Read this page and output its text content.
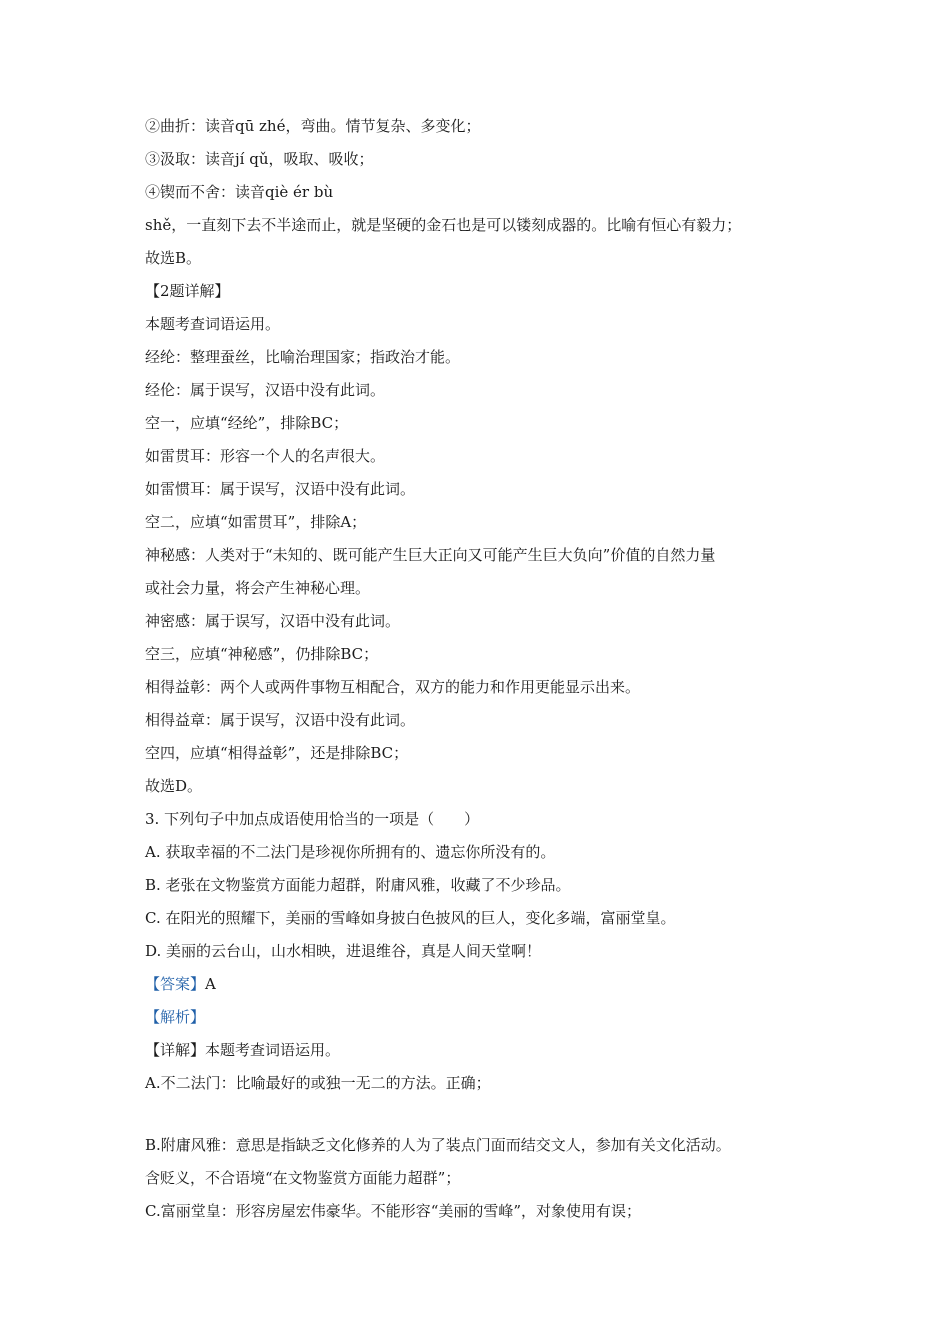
②曲折：读音qū zhé，弯曲。情节复杂、多变化；
③汲取：读音jí qǔ，吸取、吸收；
④锲而不舍：读音qiè ér bù
shě，一直刻下去不半途而止，就是坚硬的金石也是可以镂刻成器的。比喻有恒心有毅力；
故选B。
【2题详解】
本题考查词语运用。
经纶：整理蚕丝，比喻治理国家；指政治才能。
经伦：属于误写，汉语中没有此词。
空一，应填“经纶”，排除BC；
如雷贯耳：形容一个人的名声很大。
如雷惯耳：属于误写，汉语中没有此词。
空二，应填“如雷贯耳”，排除A；
神秘感：人类对于“未知的、既可能产生巨大正向又可能产生巨大负向”价值的自然力量
或社会力量，将会产生神秘心理。
神密感：属于误写，汉语中没有此词。
空三，应填“神秘感”，仍排除BC；
相得益彰：两个人或两件事物互相配合，双方的能力和作用更能显示出来。
相得益章：属于误写，汉语中没有此词。
空四，应填“相得益彰”，还是排除BC；
故选D。
3. 下列句子中加点成语使用恰当的一项是（　　）
A. 获取幸福的不二法门是珍视你所拥有的、遗忘你所没有的。
B. 老张在文物鉴赏方面能力超群，附庸风雅，收藏了不少珍品。
C. 在阳光的照耀下，美丽的雪峰如身披白色披风的巨人，变化多端，富丽堂皇。
D. 美丽的云台山，山水相映，进退维谷，真是人间天堂啊！
【答案】A
【解析】
【详解】本题考查词语运用。
A.不二法门：比喻最好的或独一无二的方法。正确；
B.附庸风雅：意思是指缺乏文化修养的人为了装点门面而结交文人，参加有关文化活动。
含贬义，不合语境“在文物鉴赏方面能力超群”；
C.富丽堂皇：形容房屋宏伟豪华。不能形容“美丽的雪峰”，对象使用有误；
